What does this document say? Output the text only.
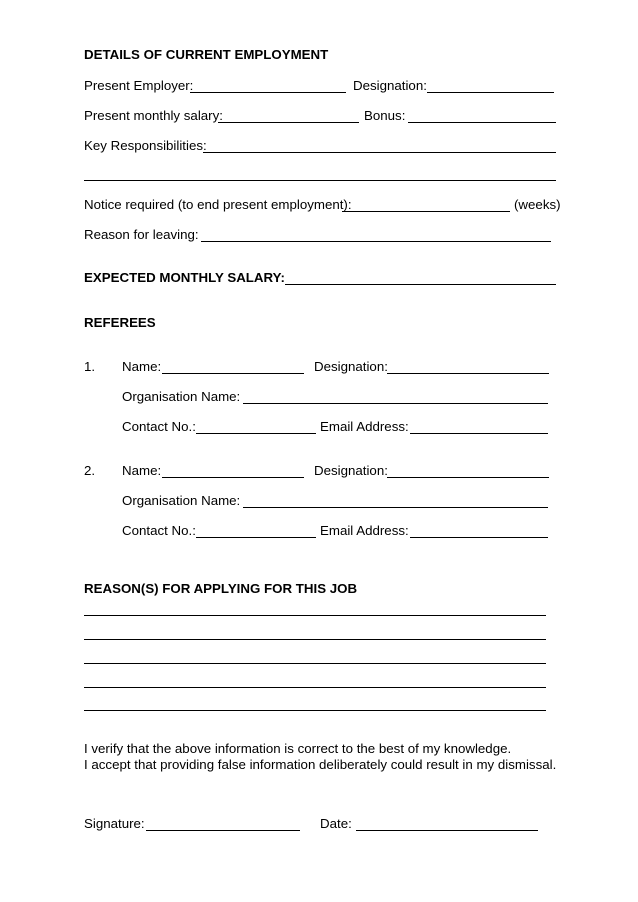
DETAILS OF CURRENT EMPLOYMENT
Present Employer:	Designation:
Present monthly salary:	Bonus:
Key Responsibilities:
Notice required (to end present employment):	(weeks)
Reason for leaving:
EXPECTED MONTHLY SALARY:
REFEREES
1. Name:	Designation:
Organisation Name:
Contact No.:	Email Address:
2. Name:	Designation:
Organisation Name:
Contact No.:	Email Address:
REASON(S) FOR APPLYING FOR THIS JOB
I verify that the above information is correct to the best of my knowledge.
I accept that providing false information deliberately could result in my dismissal.
Signature:	Date:
